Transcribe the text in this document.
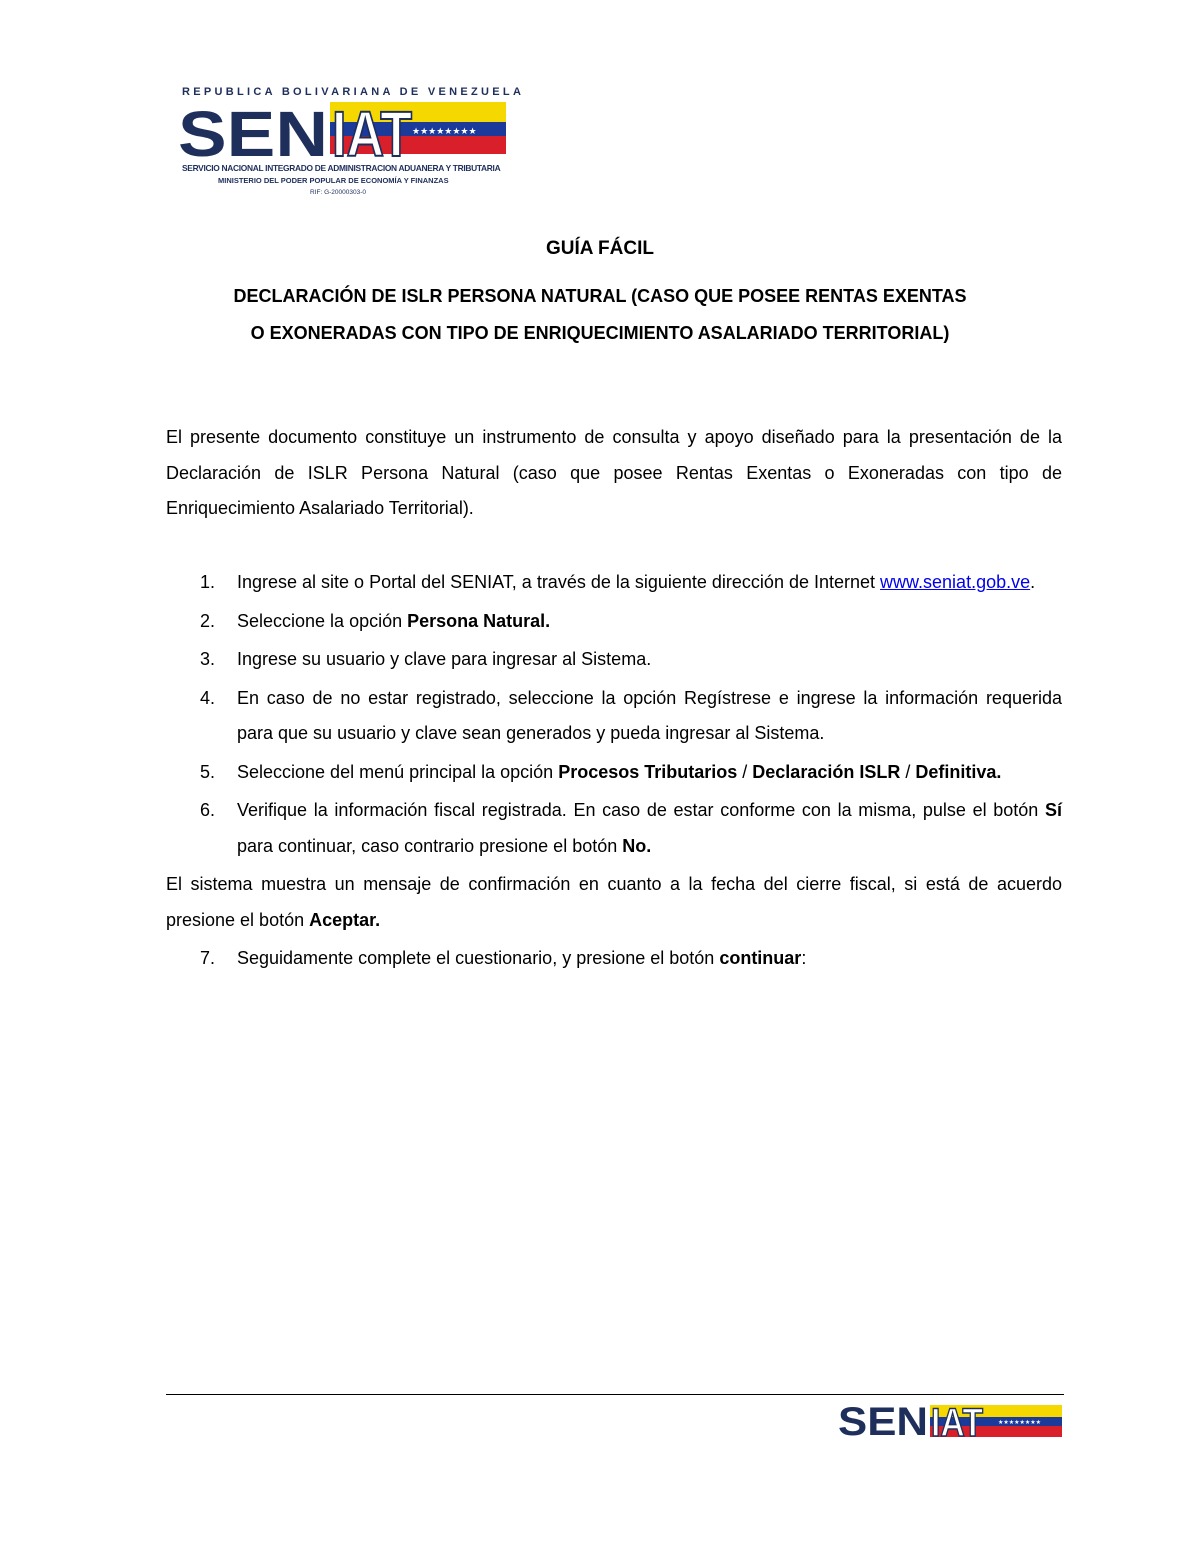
REPUBLICA BOLIVARIANA DE VENEZUELA
SEN	★★★★★★★★
IAT
SERVICIO NACIONAL INTEGRADO DE ADMINISTRACION ADUANERA Y TRIBUTARIA
MINISTERIO DEL PODER POPULAR DE ECONOMÍA Y FINANZAS
RIF: G-20000303-0
GUÍA FÁCIL
DECLARACIÓN DE ISLR PERSONA NATURAL (CASO QUE POSEE RENTAS EXENTAS
O EXONERADAS CON TIPO DE ENRIQUECIMIENTO ASALARIADO TERRITORIAL)
El presente documento constituye un instrumento de consulta y apoyo diseñado para la presentación de la Declaración de ISLR Persona Natural (caso que posee Rentas Exentas o Exoneradas con tipo de Enriquecimiento Asalariado Territorial).
1. Ingrese al site o Portal del SENIAT, a través de la siguiente dirección de Internet www.seniat.gob.ve.
2. Seleccione la opción Persona Natural.
3. Ingrese su usuario y clave para ingresar al Sistema.
4. En caso de no estar registrado, seleccione la opción Regístrese e ingrese la información requerida para que su usuario y clave sean generados y pueda ingresar al Sistema.
5. Seleccione del menú principal la opción Procesos Tributarios / Declaración ISLR / Definitiva.
6. Verifique la información fiscal registrada. En caso de estar conforme con la misma, pulse el botón Sí para continuar, caso contrario presione el botón No.
El sistema muestra un mensaje de confirmación en cuanto a la fecha del cierre fiscal, si está de acuerdo presione el botón Aceptar.
7. Seguidamente complete el cuestionario, y presione el botón continuar:
SEN	★★★★★★★★
IAT
